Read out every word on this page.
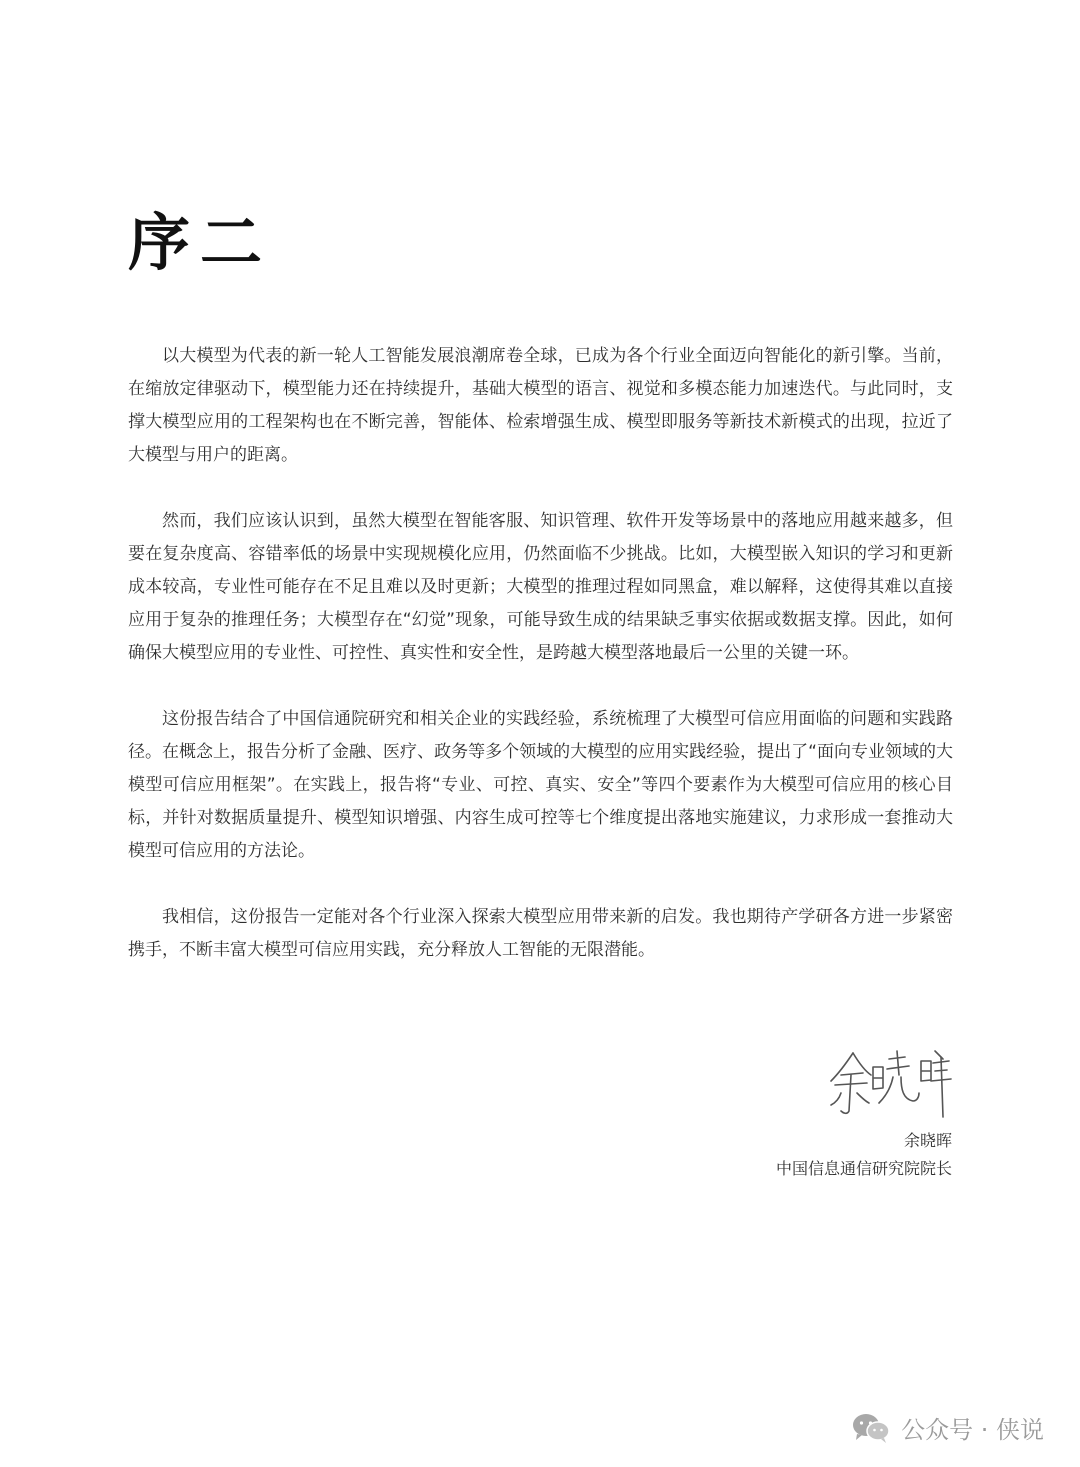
序二

以大模型为代表的新一轮人工智能发展浪潮席卷全球，已成为各个行业全面迈向智能化的新引擎。当前，在缩放定律驱动下，模型能力还在持续提升，基础大模型的语言、视觉和多模态能力加速迭代。与此同时，支撑大模型应用的工程架构也在不断完善，智能体、检索增强生成、模型即服务等新技术新模式的出现，拉近了大模型与用户的距离。

然而，我们应该认识到，虽然大模型在智能客服、知识管理、软件开发等场景中的落地应用越来越多，但要在复杂度高、容错率低的场景中实现规模化应用，仍然面临不少挑战。比如，大模型嵌入知识的学习和更新成本较高，专业性可能存在不足且难以及时更新；大模型的推理过程如同黑盒，难以解释，这使得其难以直接应用于复杂的推理任务；大模型存在“幻觉”现象，可能导致生成的结果缺乏事实依据或数据支撑。因此，如何确保大模型应用的专业性、可控性、真实性和安全性，是跨越大模型落地最后一公里的关键一环。

这份报告结合了中国信通院研究和相关企业的实践经验，系统梳理了大模型可信应用面临的问题和实践路径。在概念上，报告分析了金融、医疗、政务等多个领域的大模型的应用实践经验，提出了“面向专业领域的大模型可信应用框架”。在实践上，报告将“专业、可控、真实、安全”等四个要素作为大模型可信应用的核心目标，并针对数据质量提升、模型知识增强、内容生成可控等七个维度提出落地实施建议，力求形成一套推动大模型可信应用的方法论。

我相信，这份报告一定能对各个行业深入探索大模型应用带来新的启发。我也期待产学研各方进一步紧密携手，不断丰富大模型可信应用实践，充分释放人工智能的无限潜能。

余晓晖
中国信息通信研究院院长
公众号 · 侠说
